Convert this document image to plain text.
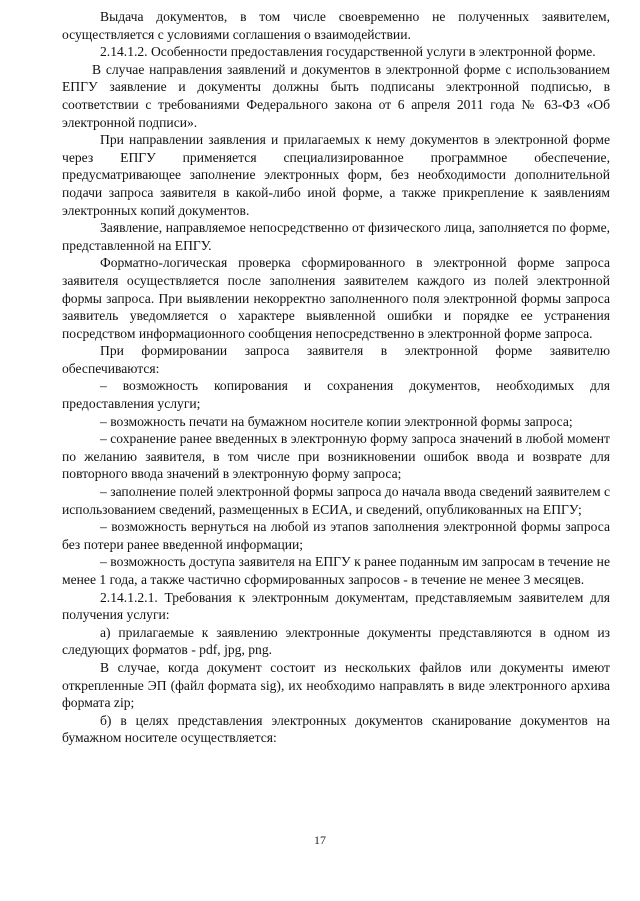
Выдача документов, в том числе своевременно не полученных заявителем, осуществляется с условиями соглашения о взаимодействии.

2.14.1.2. Особенности предоставления государственной услуги в электронной форме.

В случае направления заявлений и документов в электронной форме с использованием ЕПГУ заявление и документы должны быть подписаны электронной подписью, в соответствии с требованиями Федерального закона от 6 апреля 2011 года № 63-ФЗ «Об электронной подписи».

При направлении заявления и прилагаемых к нему документов в электронной форме через ЕПГУ применяется специализированное программное обеспечение, предусматривающее заполнение электронных форм, без необходимости дополнительной подачи запроса заявителя в какой-либо иной форме, а также прикрепление к заявлениям электронных копий документов.

Заявление, направляемое непосредственно от физического лица, заполняется по форме, представленной на ЕПГУ.

Форматно-логическая проверка сформированного в электронной форме запроса заявителя осуществляется после заполнения заявителем каждого из полей электронной формы запроса. При выявлении некорректно заполненного поля электронной формы запроса заявитель уведомляется о характере выявленной ошибки и порядке ее устранения посредством информационного сообщения непосредственно в электронной форме запроса.

При формировании запроса заявителя в электронной форме заявителю обеспечиваются:

– возможность копирования и сохранения документов, необходимых для предоставления услуги;

– возможность печати на бумажном носителе копии электронной формы запроса;

– сохранение ранее введенных в электронную форму запроса значений в любой момент по желанию заявителя, в том числе при возникновении ошибок ввода и возврате для повторного ввода значений в электронную форму запроса;

– заполнение полей электронной формы запроса до начала ввода сведений заявителем с использованием сведений, размещенных в ЕСИА, и сведений, опубликованных на ЕПГУ;

– возможность вернуться на любой из этапов заполнения электронной формы запроса без потери ранее введенной информации;

– возможность доступа заявителя на ЕПГУ к ранее поданным им запросам в течение не менее 1 года, а также частично сформированных запросов - в течение не менее 3 месяцев.

2.14.1.2.1. Требования к электронным документам, представляемым заявителем для получения услуги:

а) прилагаемые к заявлению электронные документы представляются в одном из следующих форматов - pdf, jpg, png.

В случае, когда документ состоит из нескольких файлов или документы имеют открепленные ЭП (файл формата sig), их необходимо направлять в виде электронного архива формата zip;

б) в целях представления электронных документов сканирование документов на бумажном носителе осуществляется:

17
